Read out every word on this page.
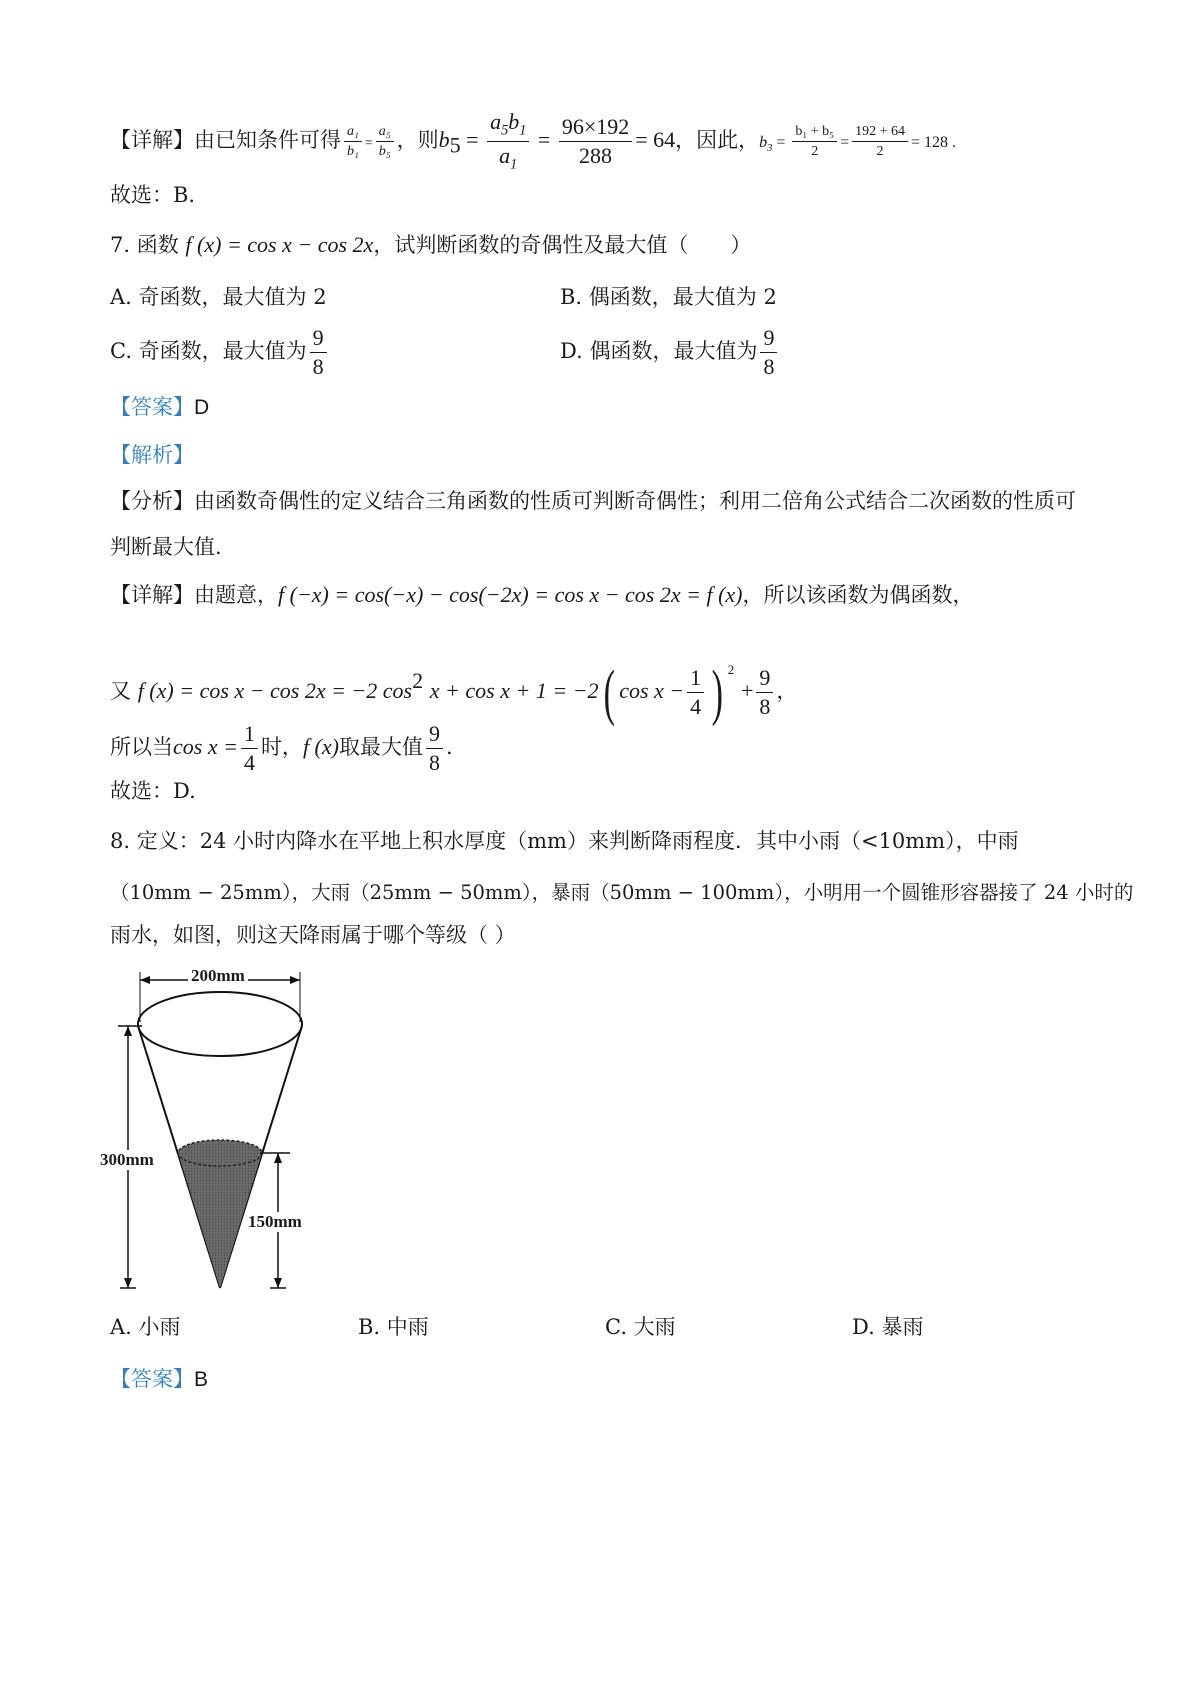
【详解】由已知条件可得 $\frac{\text{a₁}}{\text{b₁}} = \frac{\text{a₅}}{\text{b₅}}$ ，则$b_5 = \frac{a_5b_1}{a_1} = \frac{96\times 192}{288} = 64$，因此，$b_3 = \frac{\text{b₁ + b₅}}{2} = \frac{192 + 64}{2} = 128$ .
故选：B.
7. 函数 f (x) = cos x − cos 2x，试判断函数的奇偶性及最大值（　　）
A. 奇函数，最大值为 2	B. 偶函数，最大值为 2
C. 奇函数，最大值为 $\frac{9}{8}$	D. 偶函数，最大值为 $\frac{9}{8}$
【答案】D
【解析】
【分析】由函数奇偶性的定义结合三角函数的性质可判断奇偶性；利用二倍角公式结合二次函数的性质可
判断最大值.
【详解】由题意，f (−x) = cos(−x) − cos(−2x) = cos x − cos 2x = f (x)，所以该函数为偶函数，
又 f (x) = cos x − cos 2x = −2 $\cos^2 x + \cos x + 1 = -2$( $\cos x - \frac{1}{4}$ ) $^2 + \frac{9}{8}$ ，
所以当$\cos x = \frac{1}{4}$ 时，f (x)取最大值 $\frac{9}{8}$ .
故选：D.
8. 定义：24 小时内降水在平地上积水厚度（mm）来判断降雨程度．其中小雨（<10mm），中雨
（10mm − 25mm），大雨（25mm − 50mm），暴雨（50mm − 100mm），小明用一个圆锥形容器接了 24 小时的
雨水，如图，则这天降雨属于哪个等级（ ）
200mm
300mm
150mm
A. 小雨	B. 中雨	C. 大雨	D. 暴雨
【答案】B
